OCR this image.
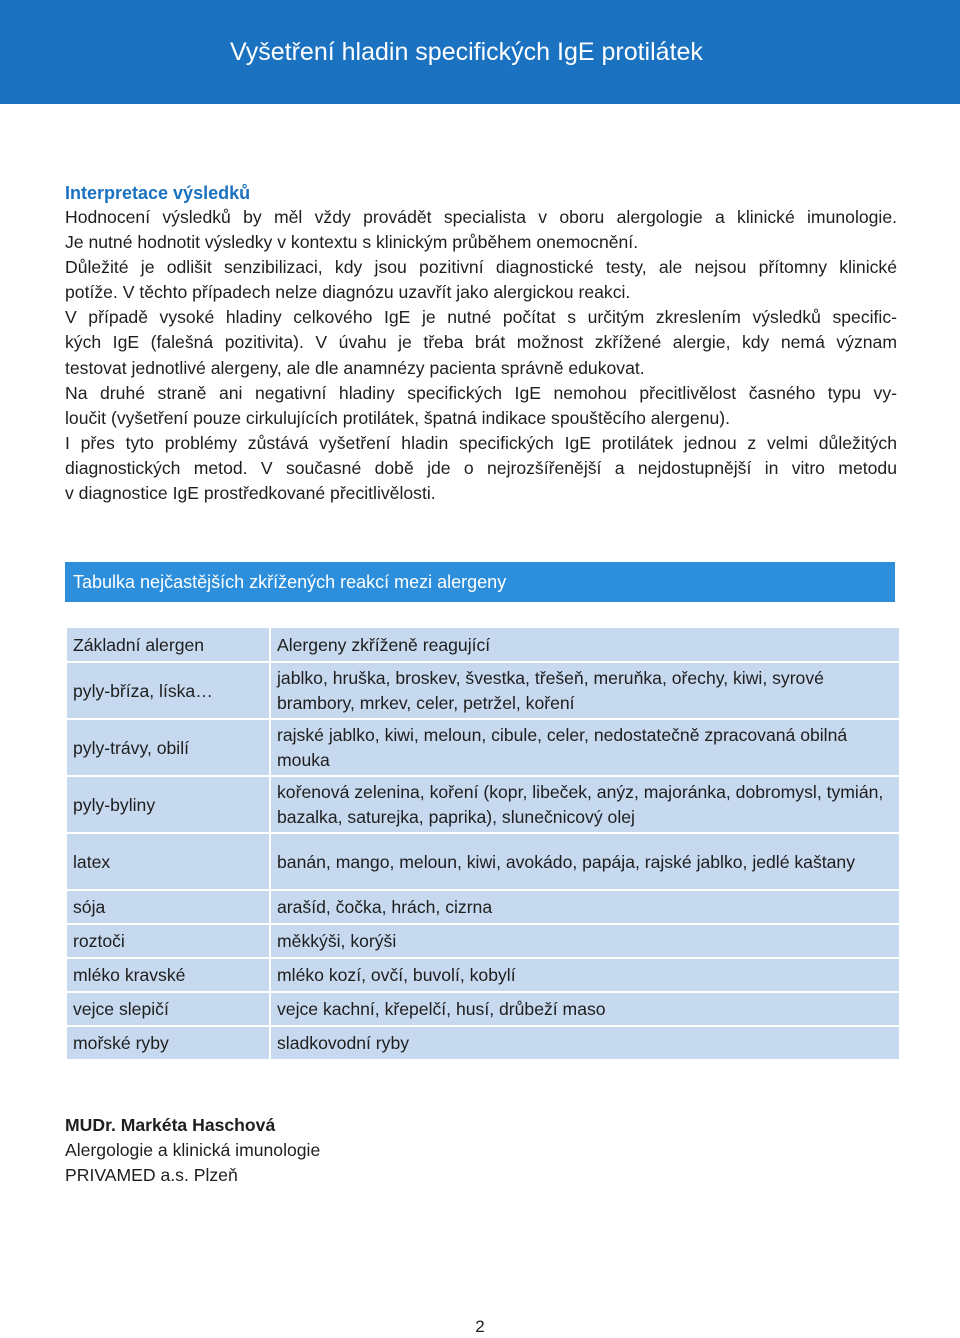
Vyšetření hladin specifických IgE protilátek
Interpretace výsledků
Hodnocení výsledků by měl vždy provádět specialista v oboru alergologie a klinické imunologie.
Je nutné hodnotit výsledky v kontextu s klinickým průběhem onemocnění.
Důležité je odlišit senzibilizaci, kdy jsou pozitivní diagnostické testy, ale nejsou přítomny klinické
potíže. V těchto případech nelze diagnózu uzavřít jako alergickou reakci.
V případě vysoké hladiny celkového IgE je nutné počítat s určitým zkreslením výsledků specific-
kých IgE (falešná pozitivita). V úvahu je třeba brát možnost zkřížené alergie, kdy nemá význam
testovat jednotlivé alergeny, ale dle anamnézy pacienta správně edukovat.
Na druhé straně ani negativní hladiny specifických IgE nemohou přecitlivělost časného typu vy-
loučit (vyšetření pouze cirkulujících protilátek, špatná indikace spouštěcího alergenu).
I přes tyto problémy zůstává vyšetření hladin specifických IgE protilátek jednou z velmi důležitých
diagnostických metod. V současné době jde o nejrozšířenější a nejdostupnější in vitro metodu
v diagnostice IgE prostředkované přecitlivělosti.
Tabulka nejčastějších zkřížených reakcí mezi alergeny
Základní alergen	Alergeny zkříženě reagující
pyly-bříza, líska…	jablko, hruška, broskev, švestka, třešeň, meruňka, ořechy, kiwi, syrové brambory, mrkev, celer, petržel, koření
pyly-trávy, obilí	rajské jablko, kiwi, meloun, cibule, celer, nedostatečně zpracovaná obilná mouka
pyly-byliny	kořenová zelenina, koření (kopr, libeček, anýz, majoránka, dobromysl, tymián, bazalka, saturejka, paprika), slunečnicový olej
latex	banán, mango, meloun, kiwi, avokádo, papája, rajské jablko, jedlé kaštany
sója	arašíd, čočka, hrách, cizrna
roztoči	měkkýši, korýši
mléko kravské	mléko kozí, ovčí, buvolí, kobylí
vejce slepičí	vejce kachní, křepelčí, husí, drůbeží maso
mořské ryby	sladkovodní ryby
MUDr. Markéta Haschová
Alergologie a klinická imunologie
PRIVAMED a.s. Plzeň
2
